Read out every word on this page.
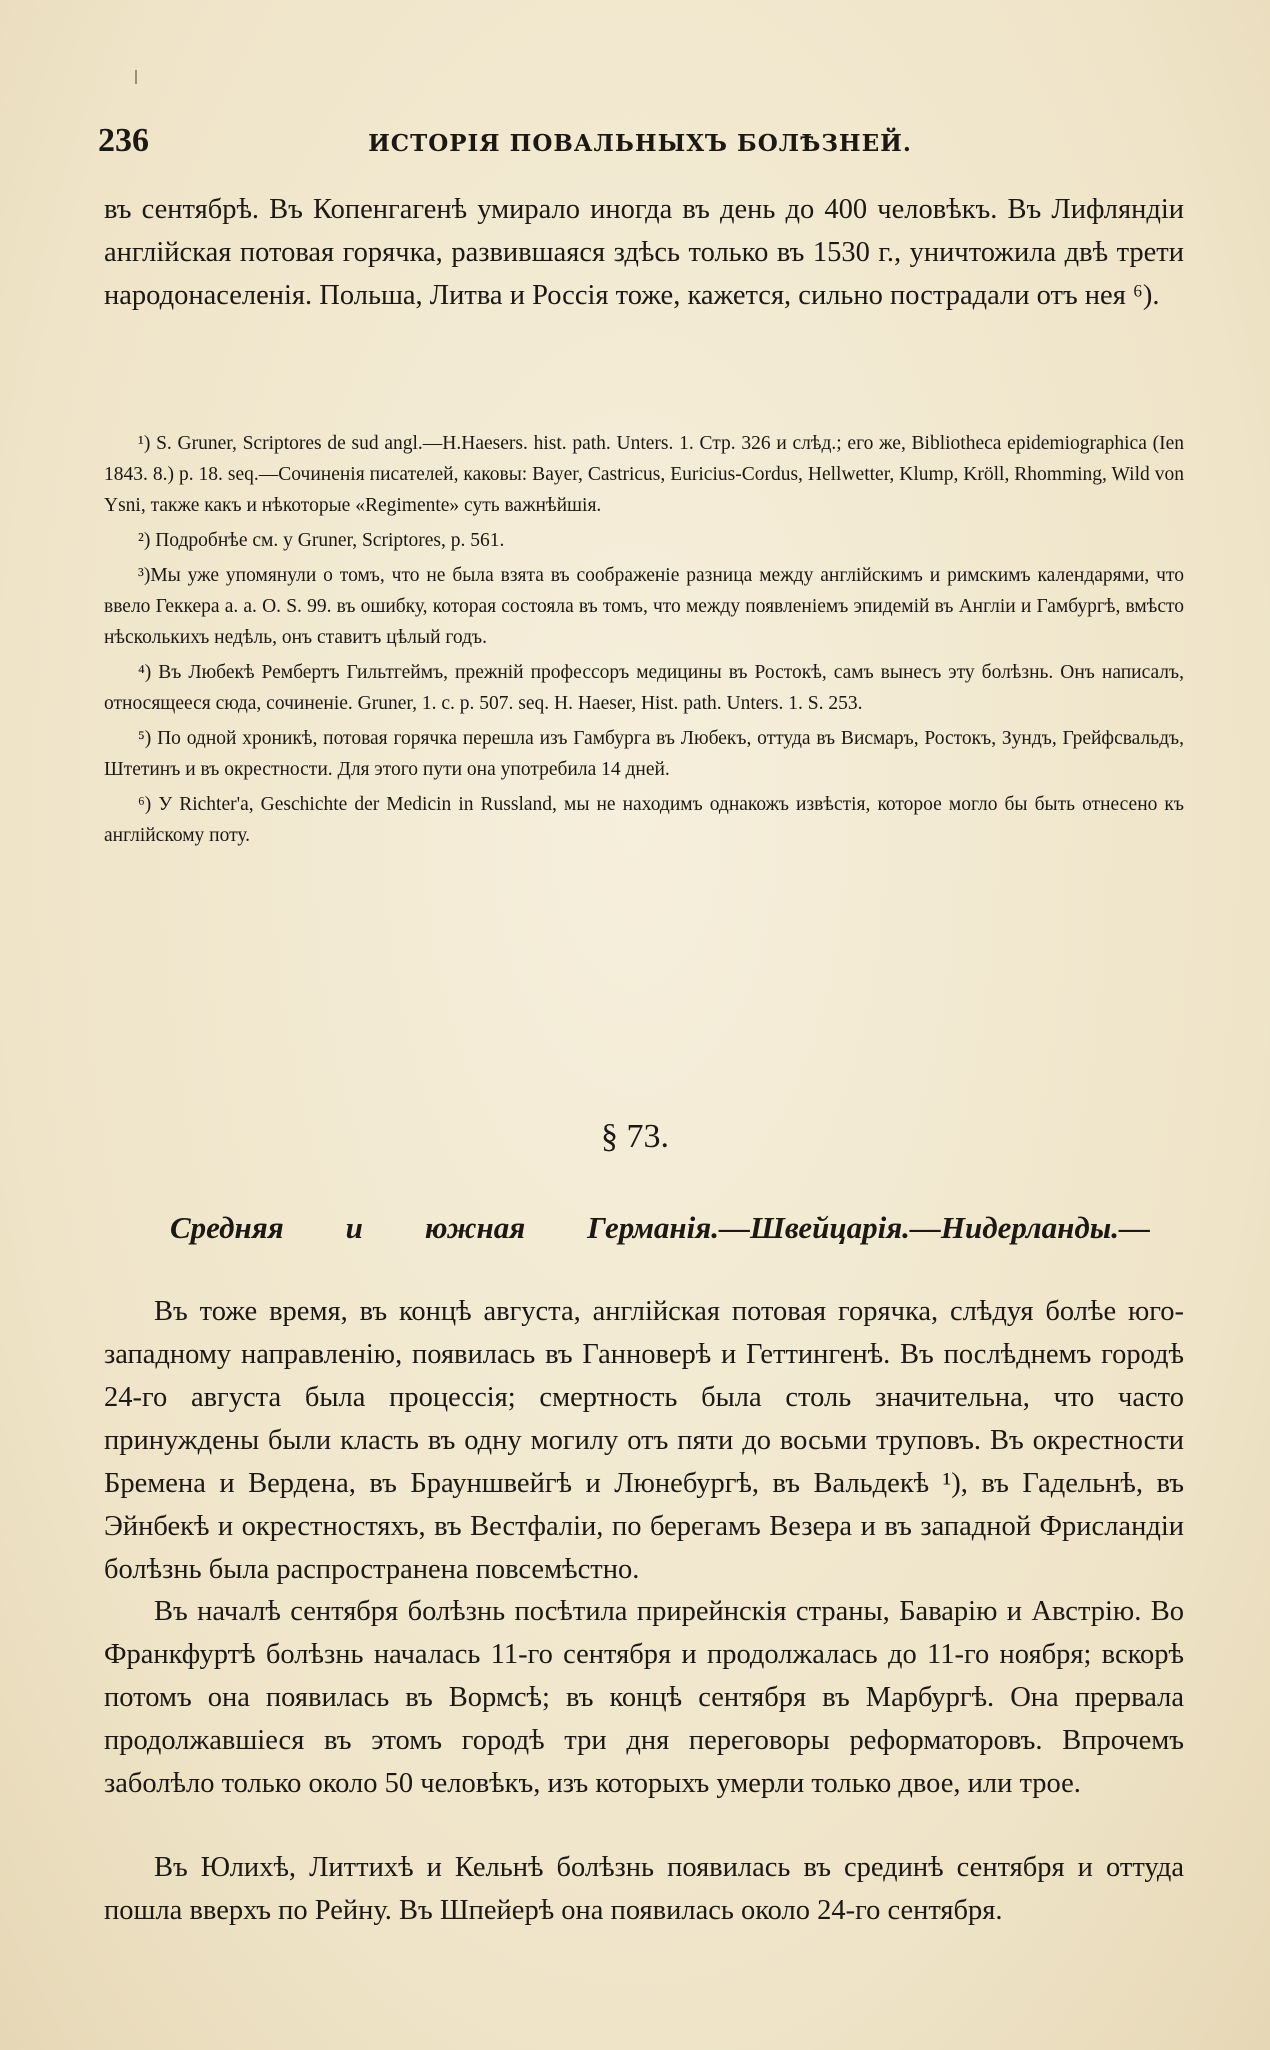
236	ИСТОРІЯ ПОВАЛЬНЫХЪ БОЛѢЗНЕЙ.

въ сентябрѣ. Въ Копенгагенѣ умирало иногда въ день до 400 человѣкъ. Въ Лифляндіи англійская потовая горячка, развившаяся здѣсь только въ 1530 г., уничтожила двѣ трети народонаселенія. Польша, Литва и Россія тоже, кажется, сильно пострадали отъ нея ⁶).

¹) S. Gruner, Scriptores de sud angl.—H.Haesers. hist. path. Unters. 1. Стр. 326 и слѣд.; его же, Bibliotheca epidemiographica (Ien 1843. 8.) p. 18. seq.—Сочиненія писателей, каковы: Bayer, Castricus, Euricius-Cordus, Hellwetter, Klump, Kröll, Rhomming, Wild von Ysni, также какъ и нѣкоторые «Regimente» суть важнѣйшія.

²) Подробнѣе см. у Gruner, Scriptores, p. 561.

³)Мы уже упомянули о томъ, что не была взята въ соображеніе разница между англійскимъ и римскимъ календарями, что ввело Геккера a. a. O. S. 99. въ ошибку, которая состояла въ томъ, что между появленіемъ эпидемій въ Англіи и Гамбургѣ, вмѣсто нѣсколькихъ недѣль, онъ ставитъ цѣлый годъ.

⁴) Въ Любекѣ Рембертъ Гильтгеймъ, прежній профессоръ медицины въ Ростокѣ, самъ вынесъ эту болѣзнь. Онъ написалъ, относящееся сюда, сочиненіе. Gruner, 1. c. p. 507. seq. H. Haeser, Hist. path. Unters. 1. S. 253.

⁵) По одной хроникѣ, потовая горячка перешла изъ Гамбурга въ Любекъ, оттуда въ Висмаръ, Ростокъ, Зундъ, Грейфсвальдъ, Штетинъ и въ окрестности. Для этого пути она употребила 14 дней.

⁶) У Richter'а, Geschichte der Medicin in Russland, мы не находимъ однакожъ извѣстія, которое могло бы быть отнесено къ англійскому поту.

§ 73.
Средняя и южная Германія.—Швейцарія.—Нидерланды.—

Въ тоже время, въ концѣ августа, англійская потовая горячка, слѣдуя болѣе юго-западному направленію, появилась въ Ганноверѣ и Геттингенѣ. Въ послѣднемъ городѣ 24-го августа была процессія; смертность была столь значительна, что часто принуждены были класть въ одну могилу отъ пяти до восьми труповъ. Въ окрестности Бремена и Вердена, въ Брауншвейгѣ и Люнебургѣ, въ Вальдекѣ ¹), въ Гадельнѣ, въ Эйнбекѣ и окрестностяхъ, въ Вестфаліи, по берегамъ Везера и въ западной Фрисландіи болѣзнь была распространена повсемѣстно.

Въ началѣ сентября болѣзнь посѣтила прирейнскія страны, Баварію и Австрію. Во Франкфуртѣ болѣзнь началась 11-го сентября и продолжалась до 11-го ноября; вскорѣ потомъ она появилась въ Вормсѣ; въ концѣ сентября въ Марбургѣ. Она прервала продолжавшіеся въ этомъ городѣ три дня переговоры реформаторовъ. Впрочемъ заболѣло только около 50 человѣкъ, изъ которыхъ умерли только двое, или трое.

Въ Юлихѣ, Литтихѣ и Кельнѣ болѣзнь появилась въ срединѣ сентября и оттуда пошла вверхъ по Рейну. Въ Шпейерѣ она появилась около 24-го сентября.
